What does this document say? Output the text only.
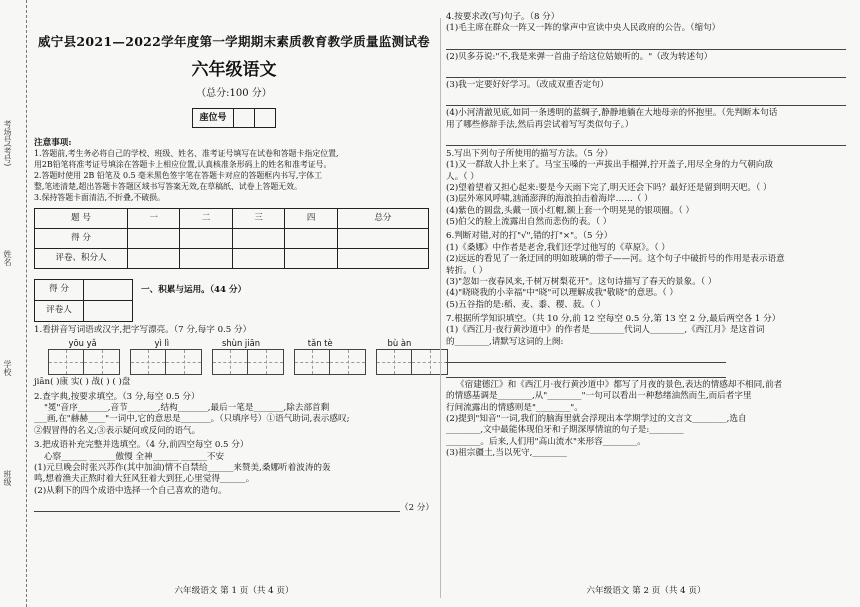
考场号(考号)
姓名
学校
班级
威宁县2021—2022学年度第一学期期末素质教育教学质量监测试卷
六年级语文
（总分:100 分）
座位号
注意事项:
1.答题前,考生务必将自己的学校、班级、姓名、准考证号填写在试卷和答题卡指定位置,
用2B铅笔将准考证号填涂在答题卡上相应位置,认真核准条形码上的姓名和准考证号。
2.答题时使用 2B 铅笔及 0.5 毫米黑色签字笔在答题卡对应的答题框内书写,字体工
整,笔迹清楚,超出答题卡答题区域书写答案无效,在草稿纸、试卷上答题无效。
3.保持答题卡面清洁,不折叠,不破损。
题 号	一	二	三	四	总分
得 分					
评卷、积分人					
得 分	
评卷人	
一、积累与运用。（44 分）
1.看拼音写词语或汉字,把字写漂亮。（7 分,每字 0.5 分）
yōu yǎ	yì lì	shùn jiān	tǎn tè	bù àn
jiān( )康 实( ) 战( ) ( )盘
2.查字典,按要求填空。（3 分,每空 0.5 分）
"冕"音序_______,音节_______,结构_______,最后一笔是_______,除去部首剩
___画,在"赫赫____"一词中,它的意思是_______。（只填序号）①语气助词,表示感叹;
②假冒得的名义;③表示疑问或反问的语气。
3.把成语补充完整并选填空。（4 分,前四空每空 0.5 分）
心察______ ______傲慢 全神______ ______不安
(1)元旦晚会时张兴苏作(其中加油)情不自禁给______来赞美,桑娜听着波涛的轰
鸣,想着渔夫正熬时着大狂风狂着大到狂,心里觉得______。
(2)从剩下的四个成语中选择一个自己喜欢的造句。
（2 分）
六年级语文 第 1 页（共 4 页）
4.按要求改(写)句子。（8 分）
(1)毛主席在群众一阵又一阵的掌声中宣读中央人民政府的公告。（缩句）
(2)贝多芬说:"不,我是来弹一首曲子给这位姑娘听的。"（改为转述句）
(3)我一定要好好学习。（改成双重否定句）
(4)小河清澈见底,如同一条透明的蓝绸子,静静地躺在大地母亲的怀抱里。（先判断本句话
用了哪些修辞手法,然后再尝试着写写类似句子。）
5.写出下列句子所使用的描写方法。（5 分）
(1)又一群敌人扑上来了。马宝玉嗓的一声拔出手榴弹,拧开盖子,用尽全身的力气朝向敌
人。（ ）
(2)望着望着又担心起来:要是今天雨下完了,明天还会下吗？最好还是留到明天吧。（ ）
(3)层外寒风呼啸,汹涌澎湃的海浪拍击着海岸……（ ）
(4)紫色的圆盘,头戴一顶小红帽,额上套一个明晃晃的银项圈。（ ）
(5)伯父的脸上流露出自然而悲伤的表。（ ）
6.判断对错,对的打"√",错的打"×"。（5 分）
(1)《桑娜》中作者是老舍,我们还学过他写的《草原》。（ ）
(2)远远的看见了一条迂回的明如玻璃的带子——河。这个句子中破折号的作用是表示语意
转折。（ ）
(3)"忽如一夜春风来,千树万树梨花开"。这句诗描写了春天的景象。（ ）
(4)"晓晓我的小幸福"中"晓"可以理解成我"敬晓"的意思。（ ）
(5)五谷指的是:稻、麦、黍、稷、菽。（ ）
7.根据所学知识填空。（共 10 分,前 12 空每空 0.5 分,第 13 空 2 分,最后两空各 1 分）
(1)《西江月·夜行黄沙道中》的作者是________代词人________,《西江月》是这首词
的________,请默写这词的上阕:
《宿建德江》和《西江月·夜行黄沙道中》都写了月夜的景色,表达的情感却不相同,前者
的情感基调是________,从"________"一句可以看出一种愁绪油然而生,而后者字里
行间流露出的情感则是"________"。
(2)提到"知音"一词,我们的脑海里就会浮现出本学期学过的文言文________,选自
________,文中最能体现伯牙和子期深厚情谊的句子是:________
________。后来,人们用"高山流水"来形容________。
(3)祖宗疆土,当以死守,________
六年级语文 第 2 页（共 4 页）
